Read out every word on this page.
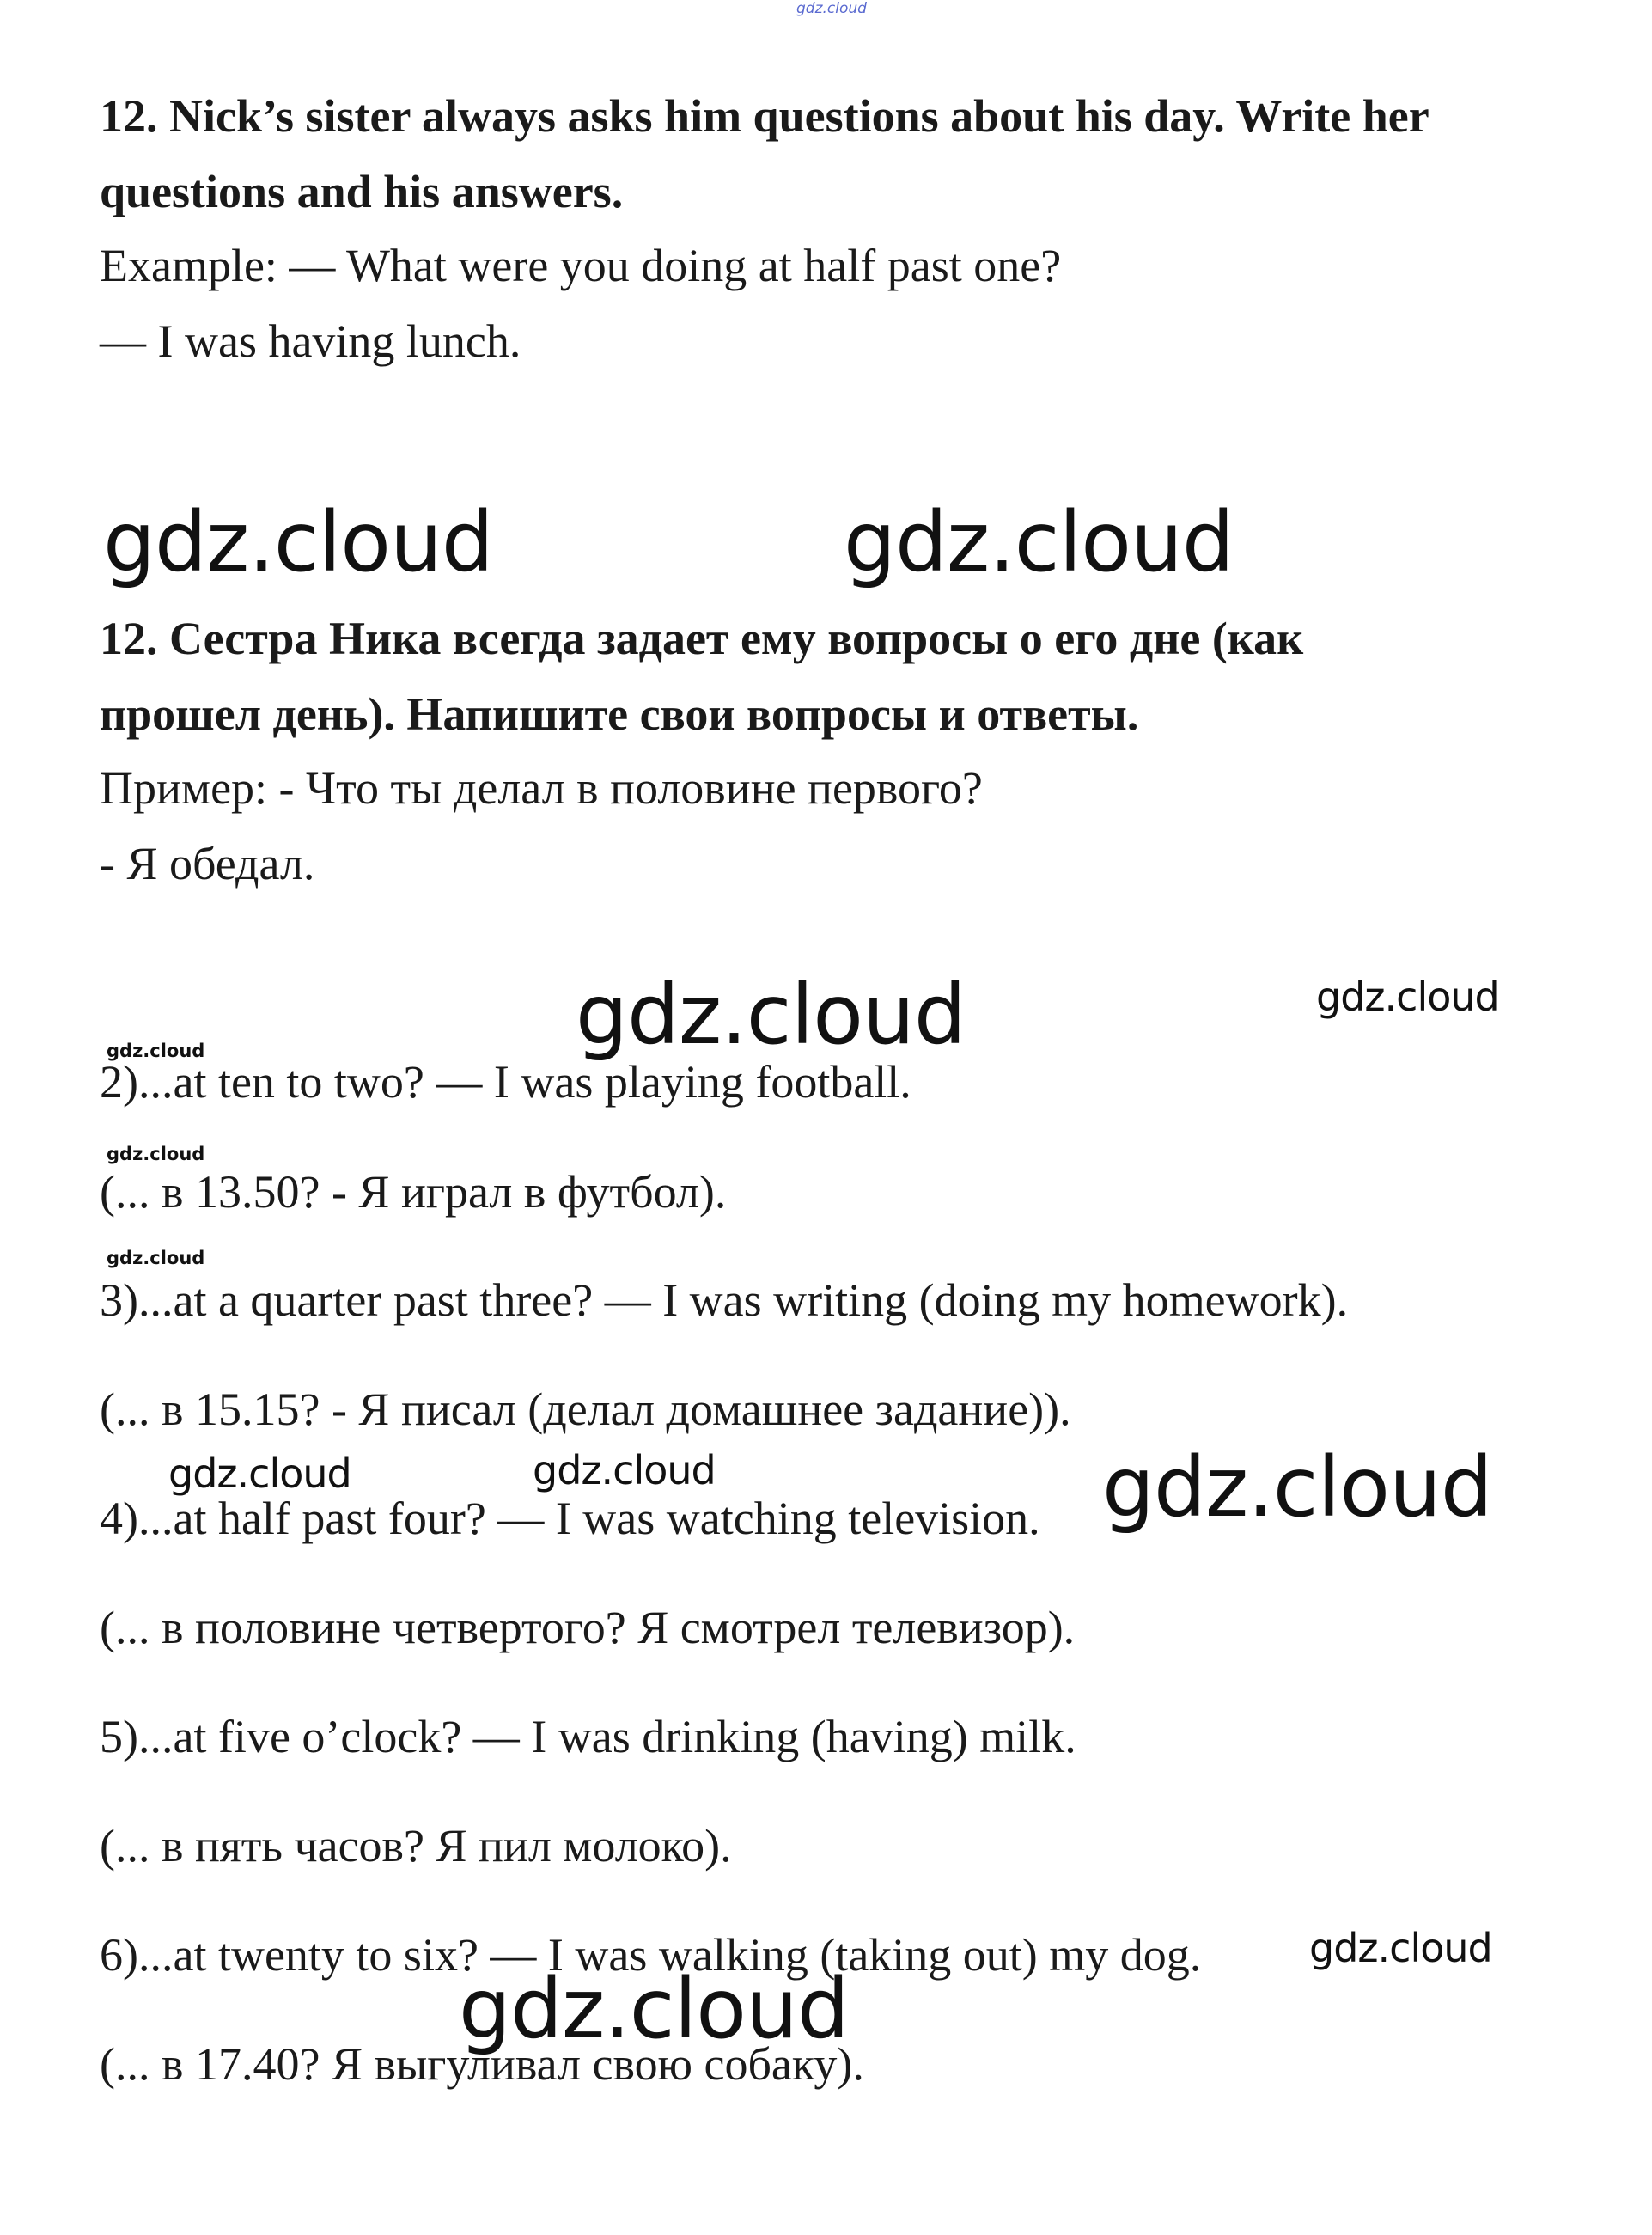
gdz.cloud
12. Nick’s sister always asks him questions about his day. Write her
questions and his answers.
Example: — What were you doing at half past one?
— I was having lunch.
gdz.cloud	gdz.cloud
12. Сестра Ника всегда задает ему вопросы о его дне (как
прошел день). Напишите свои вопросы и ответы.
Пример: - Что ты делал в половине первого?
- Я обедал.
gdz.cloud	gdz.cloud
gdz.cloud
2)...at ten to two? — I was playing football.
gdz.cloud
(... в 13.50? - Я играл в футбол).
gdz.cloud
3)...at a quarter past three? — I was writing (doing my homework).
(... в 15.15? - Я писал (делал домашнее задание)).
4)...at half past four? — I was watching television.
gdz.cloud	gdz.cloud	gdz.cloud
(... в половине четвертого? Я смотрел телевизор).
5)...at five o’clock? — I was drinking (having) milk.
(... в пять часов? Я пил молоко).
6)...at twenty to six? — I was walking (taking out) my dog.	gdz.cloud
gdz.cloud
(... в 17.40? Я выгуливал свою собаку).
